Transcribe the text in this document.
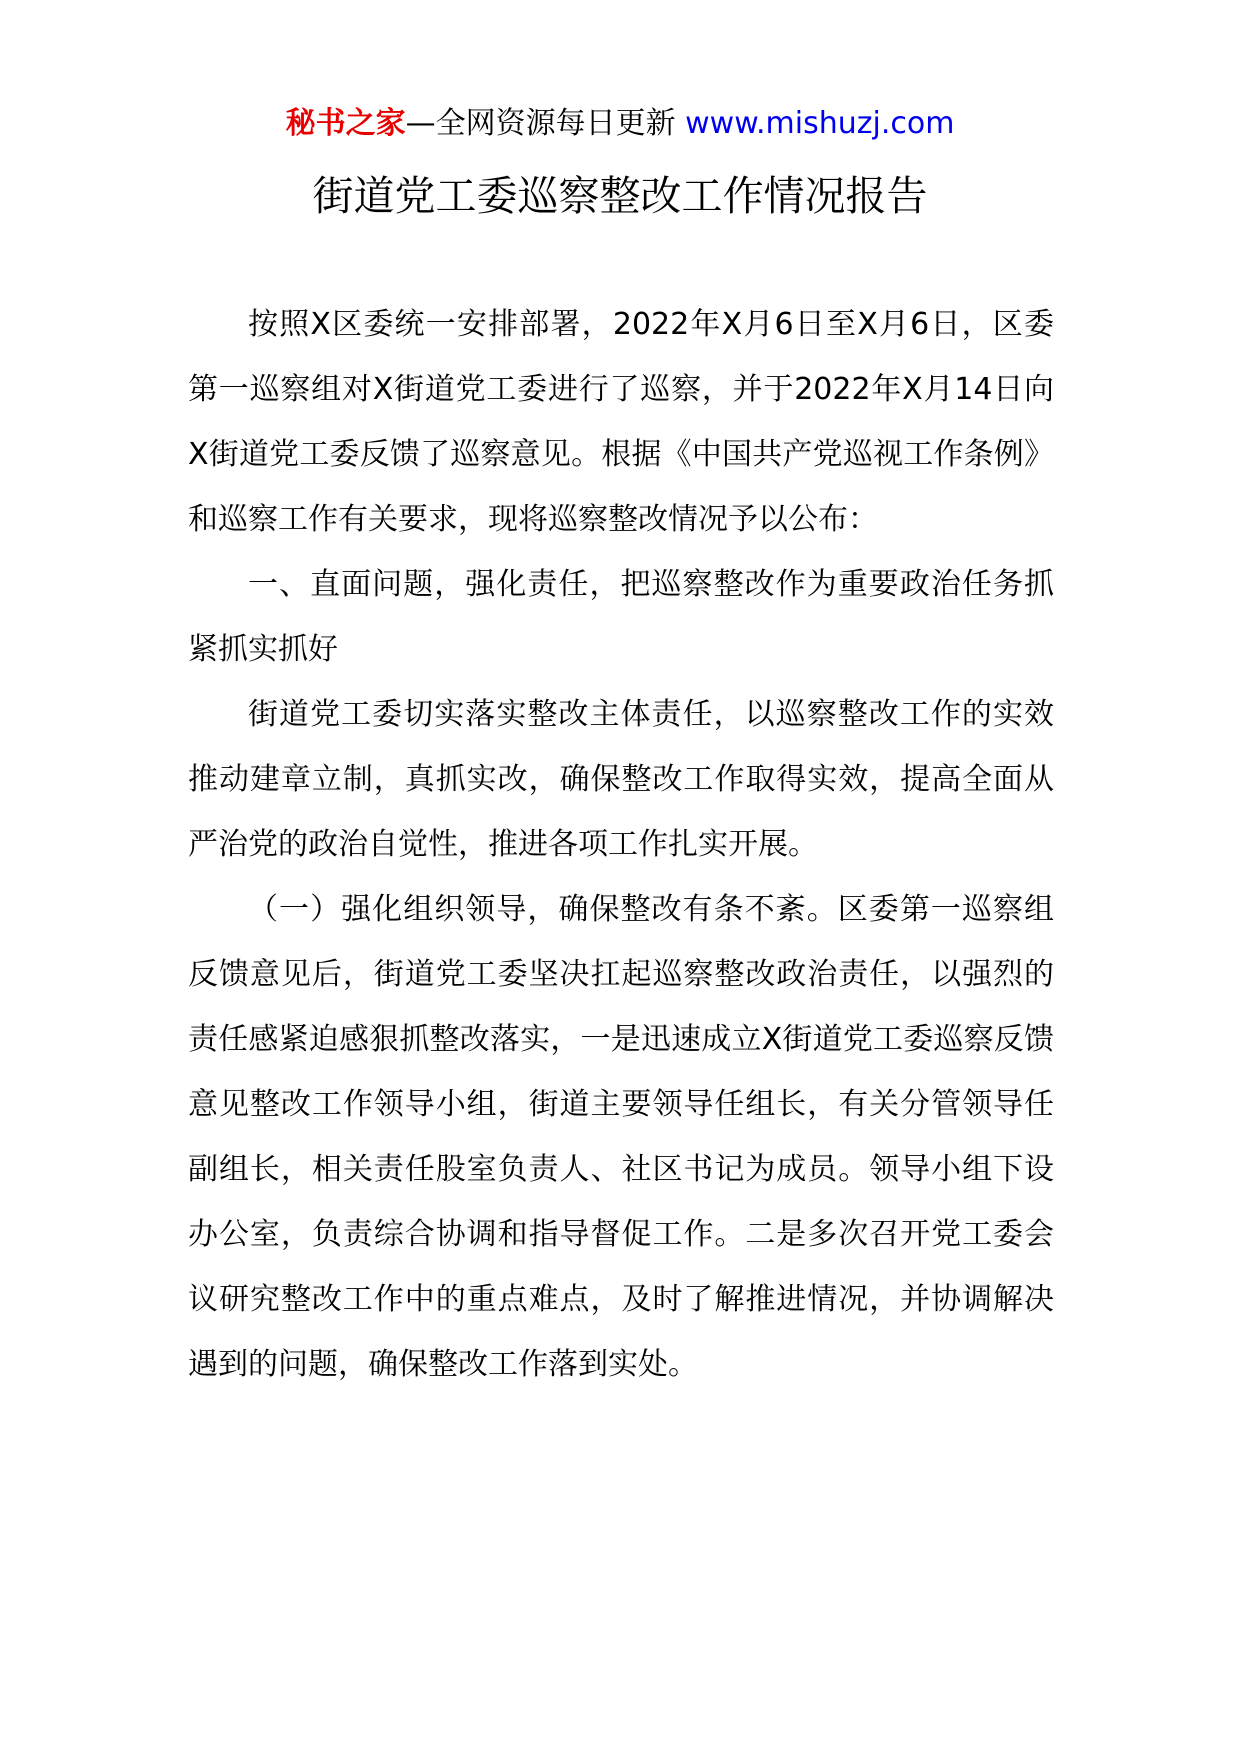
秘书之家—全网资源每日更新 www.mishuzj.com
街道党工委巡察整改工作情况报告

按照X区委统一安排部署，2022年X月6日至X月6日，区委第一巡察组对X街道党工委进行了巡察，并于2022年X月14日向X街道党工委反馈了巡察意见。根据《中国共产党巡视工作条例》和巡察工作有关要求，现将巡察整改情况予以公布：

一、直面问题，强化责任，把巡察整改作为重要政治任务抓紧抓实抓好

街道党工委切实落实整改主体责任，以巡察整改工作的实效推动建章立制，真抓实改，确保整改工作取得实效，提高全面从严治党的政治自觉性，推进各项工作扎实开展。

（一）强化组织领导，确保整改有条不紊。区委第一巡察组反馈意见后，街道党工委坚决扛起巡察整改政治责任，以强烈的责任感紧迫感狠抓整改落实，一是迅速成立X街道党工委巡察反馈意见整改工作领导小组，街道主要领导任组长，有关分管领导任副组长，相关责任股室负责人、社区书记为成员。领导小组下设办公室，负责综合协调和指导督促工作。二是多次召开党工委会议研究整改工作中的重点难点，及时了解推进情况，并协调解决遇到的问题，确保整改工作落到实处。
